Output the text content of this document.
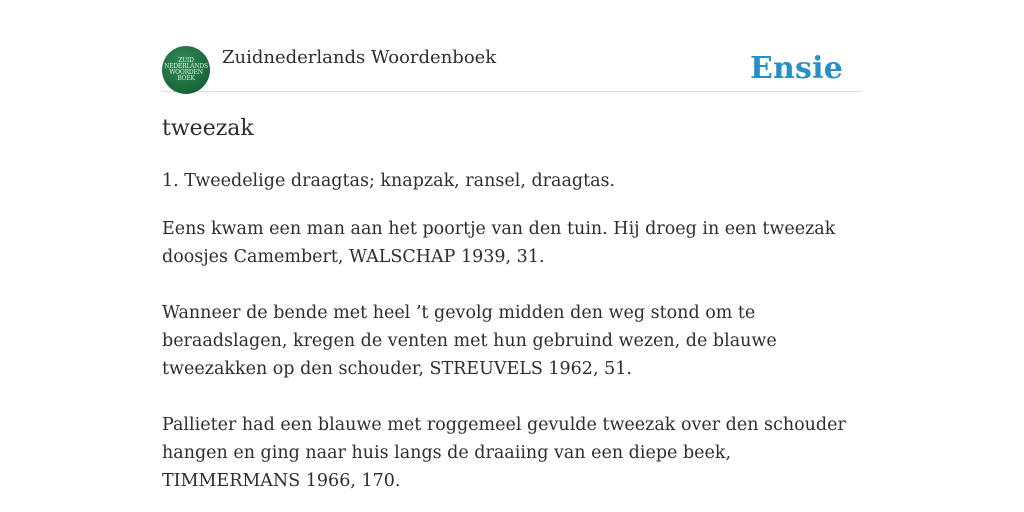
ZUID
NEDERLANDS
WOORDEN
BOEK
Zuidnederlands Woordenboek	Ensie
tweezak
1. Tweedelige draagtas; knapzak, ransel, draagtas.

Eens kwam een man aan het poortje van den tuin. Hij droeg in een tweezak doosjes Camembert, WALSCHAP 1939, 31.

Wanneer de bende met heel ’t gevolg midden den weg stond om te beraadslagen, kregen de venten met hun gebruind wezen, de blauwe tweezakken op den schouder, STREUVELS 1962, 51.

Pallieter had een blauwe met roggemeel gevulde tweezak over den schouder hangen en ging naar huis langs de draaiing van een diepe beek, TIMMERMANS 1966, 170.
